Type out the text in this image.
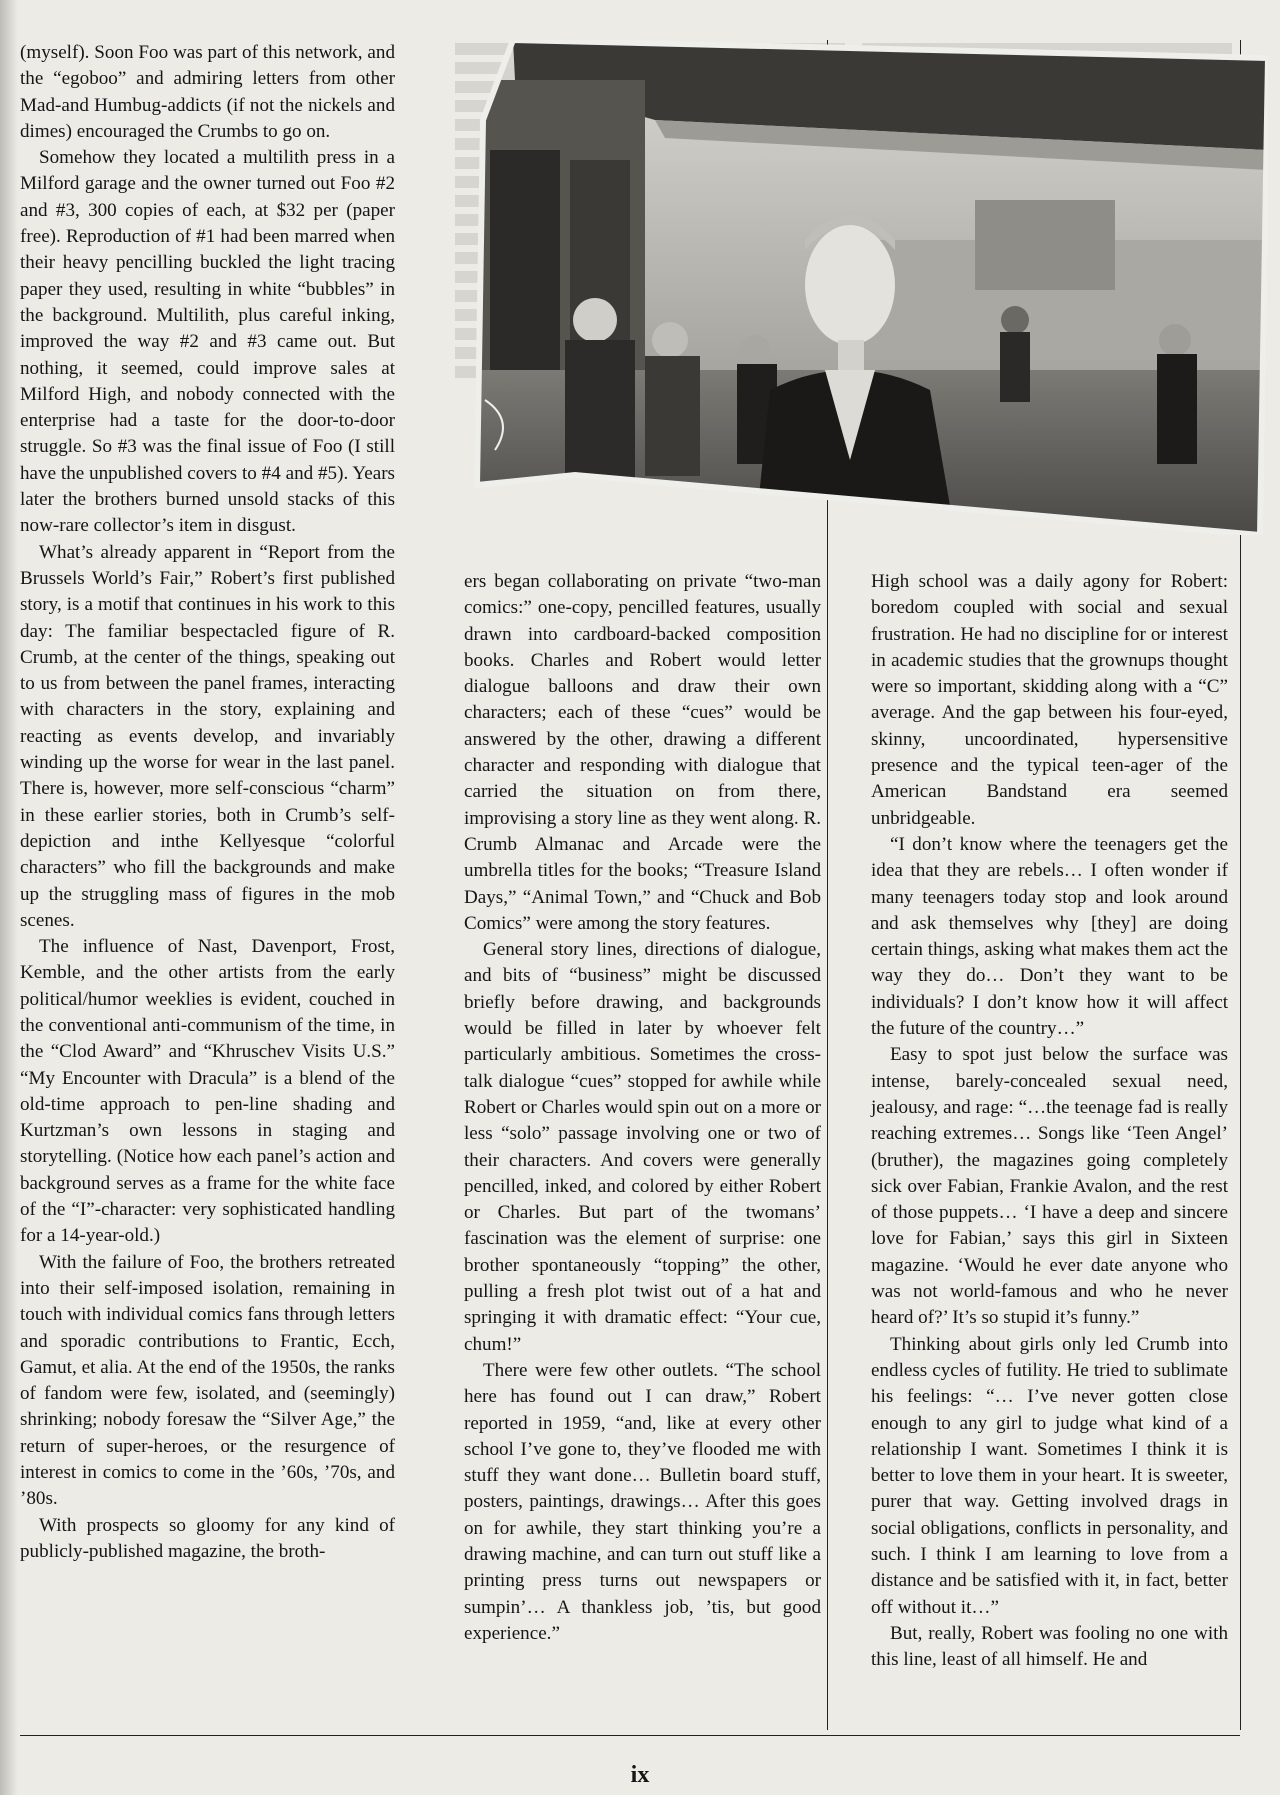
(myself). Soon Foo was part of this network, and the “egoboo” and admiring letters from other Mad-and Humbug-addicts (if not the nickels and dimes) encouraged the Crumbs to go on.

Somehow they located a multilith press in a Milford garage and the owner turned out Foo #2 and #3, 300 copies of each, at $32 per (paper free). Reproduction of #1 had been marred when their heavy pencilling buckled the light tracing paper they used, resulting in white “bubbles” in the background. Multilith, plus careful inking, improved the way #2 and #3 came out. But nothing, it seemed, could improve sales at Milford High, and nobody connected with the enterprise had a taste for the door-to-door struggle. So #3 was the final issue of Foo (I still have the unpublished covers to #4 and #5). Years later the brothers burned unsold stacks of this now-rare collector’s item in disgust.

What’s already apparent in “Report from the Brussels World’s Fair,” Robert’s first published story, is a motif that continues in his work to this day: The familiar bespectacled figure of R. Crumb, at the center of the things, speaking out to us from between the panel frames, interacting with characters in the story, explaining and reacting as events develop, and invariably winding up the worse for wear in the last panel. There is, however, more self-conscious “charm” in these earlier stories, both in Crumb’s self-depiction and inthe Kellyesque “colorful characters” who fill the backgrounds and make up the struggling mass of figures in the mob scenes.

The influence of Nast, Davenport, Frost, Kemble, and the other artists from the early political/humor weeklies is evident, couched in the conventional anti-communism of the time, in the “Clod Award” and “Khruschev Visits U.S.” “My Encounter with Dracula” is a blend of the old-time approach to pen-line shading and Kurtzman’s own lessons in staging and storytelling. (Notice how each panel’s action and background serves as a frame for the white face of the “I”-character: very sophisticated handling for a 14-year-old.)

With the failure of Foo, the brothers retreated into their self-imposed isolation, remaining in touch with individual comics fans through letters and sporadic contributions to Frantic, Ecch, Gamut, et alia. At the end of the 1950s, the ranks of fandom were few, isolated, and (seemingly) shrinking; nobody foresaw the “Silver Age,” the return of super-heroes, or the resurgence of interest in comics to come in the ’60s, ’70s, and ’80s.

With prospects so gloomy for any kind of publicly-published magazine, the broth-

ers began collaborating on private “two-man comics:” one-copy, pencilled features, usually drawn into cardboard-backed composition books. Charles and Robert would letter dialogue balloons and draw their own characters; each of these “cues” would be answered by the other, drawing a different character and responding with dialogue that carried the situation on from there, improvising a story line as they went along. R. Crumb Almanac and Arcade were the umbrella titles for the books; “Treasure Island Days,” “Animal Town,” and “Chuck and Bob Comics” were among the story features.

General story lines, directions of dialogue, and bits of “business” might be discussed briefly before drawing, and backgrounds would be filled in later by whoever felt particularly ambitious. Sometimes the cross-talk dialogue “cues” stopped for awhile while Robert or Charles would spin out on a more or less “solo” passage involving one or two of their characters. And covers were generally pencilled, inked, and colored by either Robert or Charles. But part of the twomans’ fascination was the element of surprise: one brother spontaneously “topping” the other, pulling a fresh plot twist out of a hat and springing it with dramatic effect: “Your cue, chum!”

There were few other outlets. “The school here has found out I can draw,” Robert reported in 1959, “and, like at every other school I’ve gone to, they’ve flooded me with stuff they want done… Bulletin board stuff, posters, paintings, drawings… After this goes on for awhile, they start thinking you’re a drawing machine, and can turn out stuff like a printing press turns out newspapers or sumpin’… A thankless job, ’tis, but good experience.”

High school was a daily agony for Robert: boredom coupled with social and sexual frustration. He had no discipline for or interest in academic studies that the grownups thought were so important, skidding along with a “C” average. And the gap between his four-eyed, skinny, uncoordinated, hypersensitive presence and the typical teen-ager of the American Bandstand era seemed unbridgeable.

“I don’t know where the teenagers get the idea that they are rebels… I often wonder if many teenagers today stop and look around and ask themselves why [they] are doing certain things, asking what makes them act the way they do… Don’t they want to be individuals? I don’t know how it will affect the future of the country…”

Easy to spot just below the surface was intense, barely-concealed sexual need, jealousy, and rage: “…the teenage fad is really reaching extremes… Songs like ‘Teen Angel’ (bruther), the magazines going completely sick over Fabian, Frankie Avalon, and the rest of those puppets… ‘I have a deep and sincere love for Fabian,’ says this girl in Sixteen magazine. ‘Would he ever date anyone who was not world-famous and who he never heard of?’ It’s so stupid it’s funny.”

Thinking about girls only led Crumb into endless cycles of futility. He tried to sublimate his feelings: “… I’ve never gotten close enough to any girl to judge what kind of a relationship I want. Sometimes I think it is better to love them in your heart. It is sweeter, purer that way. Getting involved drags in social obligations, conflicts in personality, and such. I think I am learning to love from a distance and be satisfied with it, in fact, better off without it…”

But, really, Robert was fooling no one with this line, least of all himself. He and

ix
